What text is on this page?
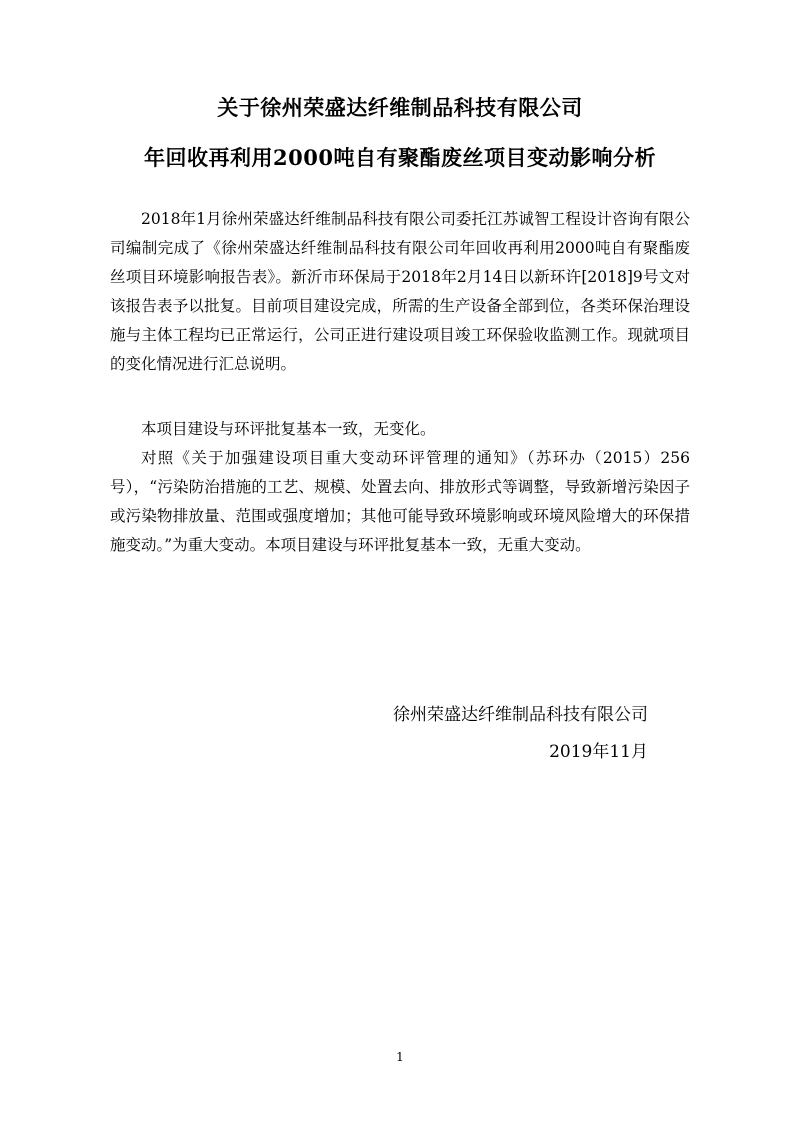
关于徐州荣盛达纤维制品科技有限公司
年回收再利用2000吨自有聚酯废丝项目变动影响分析

2018年1月徐州荣盛达纤维制品科技有限公司委托江苏诚智工程设计咨询有限公司编制完成了《徐州荣盛达纤维制品科技有限公司年回收再利用2000吨自有聚酯废丝项目环境影响报告表》。新沂市环保局于2018年2月14日以新环许[2018]9号文对该报告表予以批复。目前项目建设完成，所需的生产设备全部到位，各类环保治理设施与主体工程均已正常运行，公司正进行建设项目竣工环保验收监测工作。现就项目的变化情况进行汇总说明。

本项目建设与环评批复基本一致，无变化。

对照《关于加强建设项目重大变动环评管理的通知》（苏环办（2015）256号），“污染防治措施的工艺、规模、处置去向、排放形式等调整，导致新增污染因子或污染物排放量、范围或强度增加；其他可能导致环境影响或环境风险增大的环保措施变动。”为重大变动。本项目建设与环评批复基本一致，无重大变动。

徐州荣盛达纤维制品科技有限公司
2019年11月
1
